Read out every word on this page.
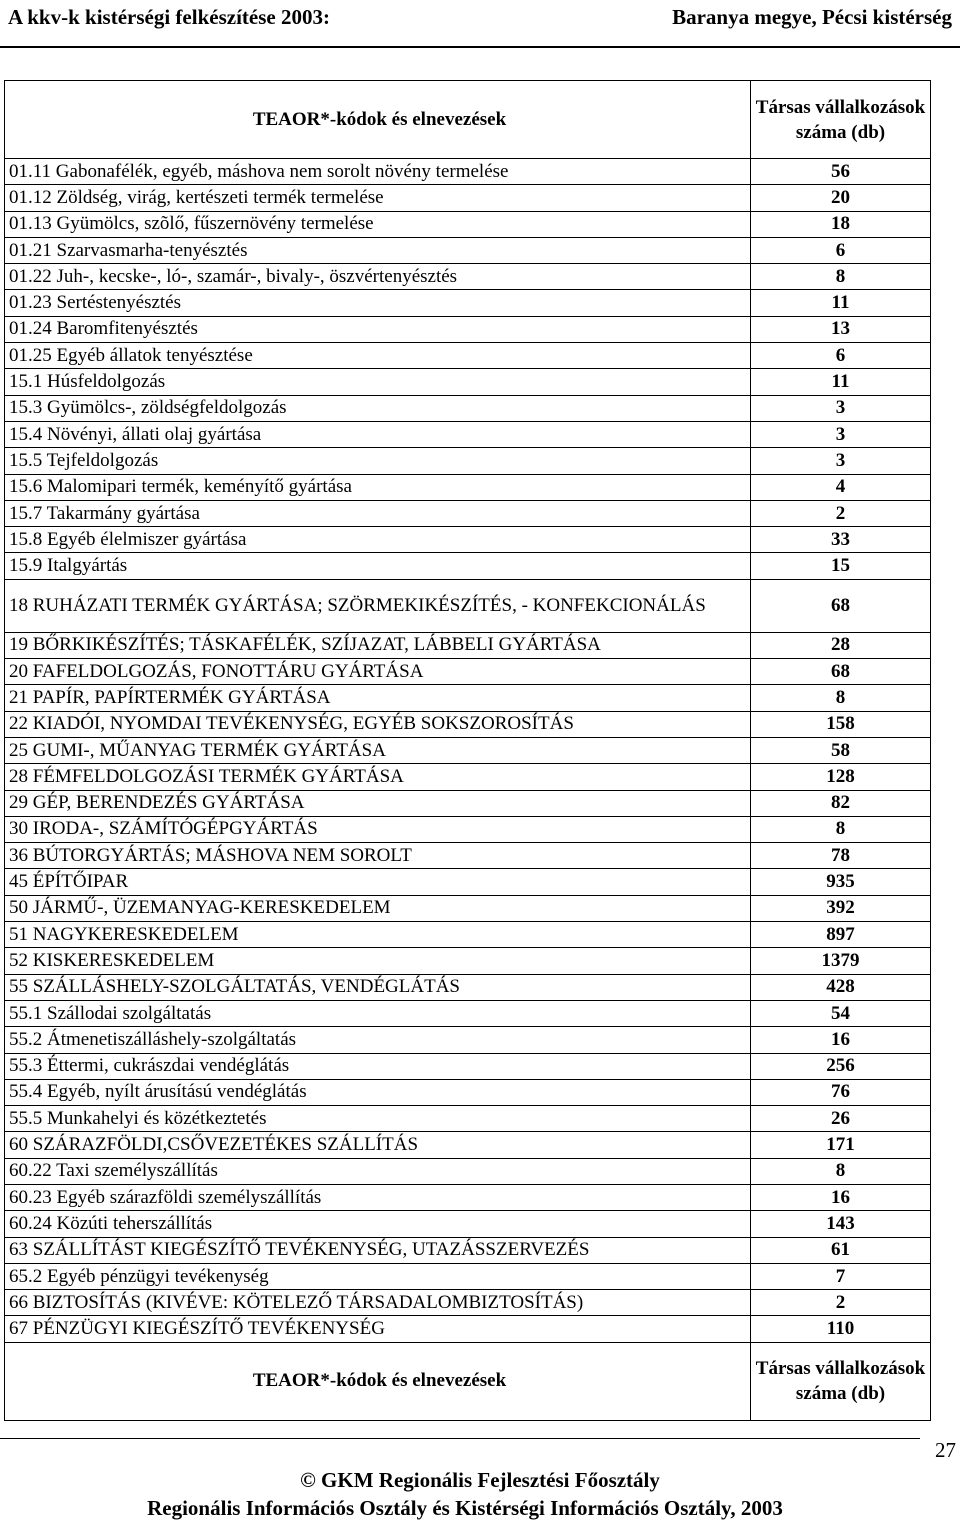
A kkv-k kistérségi felkészítése 2003:	Baranya megye, Pécsi kistérség
TEAOR*-kódok és elnevezések	Társas vállalkozások száma (db)
01.11 Gabonafélék, egyéb, máshova nem sorolt növény termelése	56
01.12 Zöldség, virág, kertészeti termék termelése	20
01.13 Gyümölcs, szõlő, fűszernövény termelése	18
01.21 Szarvasmarha-tenyésztés	6
01.22 Juh-, kecske-, ló-, szamár-, bivaly-, öszvértenyésztés	8
01.23 Sertéstenyésztés	11
01.24 Baromfitenyésztés	13
01.25 Egyéb állatok tenyésztése	6
15.1 Húsfeldolgozás	11
15.3 Gyümölcs-, zöldségfeldolgozás	3
15.4 Növényi, állati olaj gyártása	3
15.5 Tejfeldolgozás	3
15.6 Malomipari termék, keményítő gyártása	4
15.7 Takarmány gyártása	2
15.8 Egyéb élelmiszer gyártása	33
15.9 Italgyártás	15
18 RUHÁZATI TERMÉK GYÁRTÁSA; SZÖRMEKIKÉSZÍTÉS, - KONFEKCIONÁLÁS	68
19 BŐRKIKÉSZÍTÉS; TÁSKAFÉLÉK, SZÍJAZAT, LÁBBELI GYÁRTÁSA	28
20 FAFELDOLGOZÁS, FONOTTÁRU GYÁRTÁSA	68
21 PAPÍR, PAPÍRTERMÉK GYÁRTÁSA	8
22 KIADÓI, NYOMDAI TEVÉKENYSÉG, EGYÉB SOKSZOROSÍTÁS	158
25 GUMI-, MŰANYAG TERMÉK GYÁRTÁSA	58
28 FÉMFELDOLGOZÁSI TERMÉK GYÁRTÁSA	128
29 GÉP, BERENDEZÉS GYÁRTÁSA	82
30 IRODA-, SZÁMÍTÓGÉPGYÁRTÁS	8
36 BÚTORGYÁRTÁS; MÁSHOVA NEM SOROLT	78
45 ÉPÍTŐIPAR	935
50 JÁRMŰ-, ÜZEMANYAG-KERESKEDELEM	392
51 NAGYKERESKEDELEM	897
52 KISKERESKEDELEM	1379
55 SZÁLLÁSHELY-SZOLGÁLTATÁS, VENDÉGLÁTÁS	428
55.1 Szállodai szolgáltatás	54
55.2 Átmenetiszálláshely-szolgáltatás	16
55.3 Éttermi, cukrászdai vendéglátás	256
55.4 Egyéb, nyílt árusítású vendéglátás	76
55.5 Munkahelyi és közétkeztetés	26
60 SZÁRAZFÖLDI,CSŐVEZETÉKES SZÁLLÍTÁS	171
60.22 Taxi személyszállítás	8
60.23 Egyéb szárazföldi személyszállítás	16
60.24 Közúti teherszállítás	143
63 SZÁLLÍTÁST KIEGÉSZÍTŐ TEVÉKENYSÉG, UTAZÁSSZERVEZÉS	61
65.2 Egyéb pénzügyi tevékenység	7
66 BIZTOSÍTÁS (KIVÉVE: KÖTELEZŐ TÁRSADALOMBIZTOSÍTÁS)	2
67 PÉNZÜGYI KIEGÉSZÍTŐ TEVÉKENYSÉG	110
TEAOR*-kódok és elnevezések	Társas vállalkozások száma (db)
27
© GKM Regionális Fejlesztési Főosztály
Regionális Információs Osztály és Kistérségi Információs Osztály, 2003
